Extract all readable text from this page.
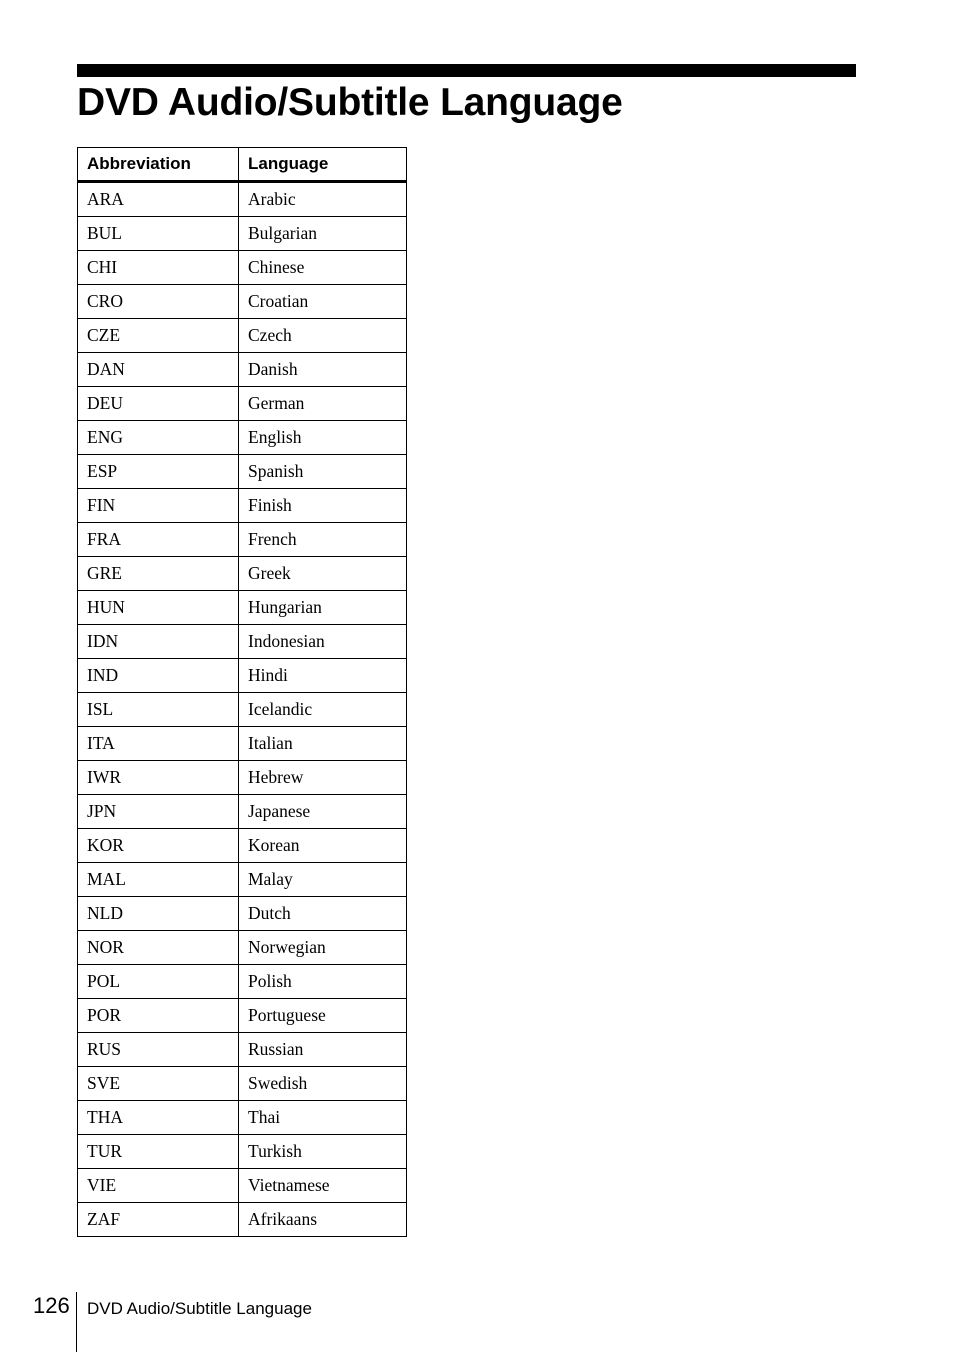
DVD Audio/Subtitle Language
Abbreviation	Language
ARA	Arabic
BUL	Bulgarian
CHI	Chinese
CRO	Croatian
CZE	Czech
DAN	Danish
DEU	German
ENG	English
ESP	Spanish
FIN	Finish
FRA	French
GRE	Greek
HUN	Hungarian
IDN	Indonesian
IND	Hindi
ISL	Icelandic
ITA	Italian
IWR	Hebrew
JPN	Japanese
KOR	Korean
MAL	Malay
NLD	Dutch
NOR	Norwegian
POL	Polish
POR	Portuguese
RUS	Russian
SVE	Swedish
THA	Thai
TUR	Turkish
VIE	Vietnamese
ZAF	Afrikaans
126 DVD Audio/Subtitle Language
